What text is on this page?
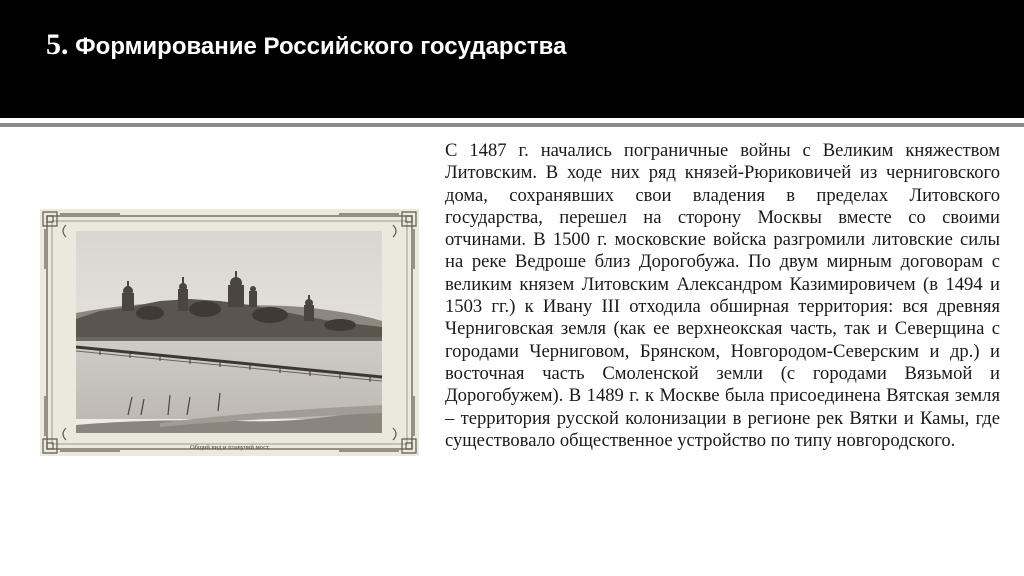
5. Формирование Российского государства
Общий вид и плавучий мост.

С 1487 г. начались пограничные войны с Великим княжеством Литовским. В ходе них ряд князей-Рюриковичей из черниговского дома, сохранявших свои владения в пределах Литовского государства, перешел на сторону Москвы вместе со своими отчинами. В 1500 г. московские войска разгромили литовские силы на реке Ведроше близ Дорогобужа. По двум мирным договорам с великим князем Литовским Александром Казимировичем (в 1494 и 1503 гг.) к Ивану III отходила обширная территория: вся древняя Черниговская земля (как ее верхнеокская часть, так и Северщина с городами Черниговом, Брянском, Новгородом-Северским и др.) и восточная часть Смоленской земли (с городами Вязьмой и Дорогобужем). В 1489 г. к Москве была присоединена Вятская земля – территория русской колонизации в регионе рек Вятки и Камы, где существовало общественное устройство по типу новгородского.
